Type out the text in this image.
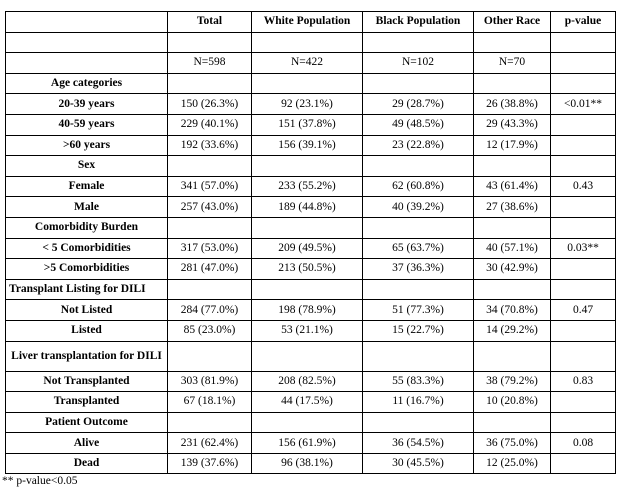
	Total	White Population	Black Population	Other Race	p-value

	N=598	N=422	N=102	N=70	
Age categories					
20-39 years	150 (26.3%)	92 (23.1%)	29 (28.7%)	26 (38.8%)	<0.01**
40-59 years	229 (40.1%)	151 (37.8%)	49 (48.5%)	29 (43.3%)	
>60 years	192 (33.6%)	156 (39.1%)	23 (22.8%)	12 (17.9%)	
Sex					
Female	341 (57.0%)	233 (55.2%)	62 (60.8%)	43 (61.4%)	0.43
Male	257 (43.0%)	189 (44.8%)	40 (39.2%)	27 (38.6%)	
Comorbidity Burden					
< 5 Comorbidities	317 (53.0%)	209 (49.5%)	65 (63.7%)	40 (57.1%)	0.03**
>5 Comorbidities	281 (47.0%)	213 (50.5%)	37 (36.3%)	30 (42.9%)	
Transplant Listing for DILI					
Not Listed	284 (77.0%)	198 (78.9%)	51 (77.3%)	34 (70.8%)	0.47
Listed	85 (23.0%)	53 (21.1%)	15 (22.7%)	14 (29.2%)	
Liver transplantation for DILI					
Not Transplanted	303 (81.9%)	208 (82.5%)	55 (83.3%)	38 (79.2%)	0.83
Transplanted	67 (18.1%)	44 (17.5%)	11 (16.7%)	10 (20.8%)	
Patient Outcome					
Alive	231 (62.4%)	156 (61.9%)	36 (54.5%)	36 (75.0%)	0.08
Dead	139 (37.6%)	96 (38.1%)	30 (45.5%)	12 (25.0%)	
** p-value<0.05
